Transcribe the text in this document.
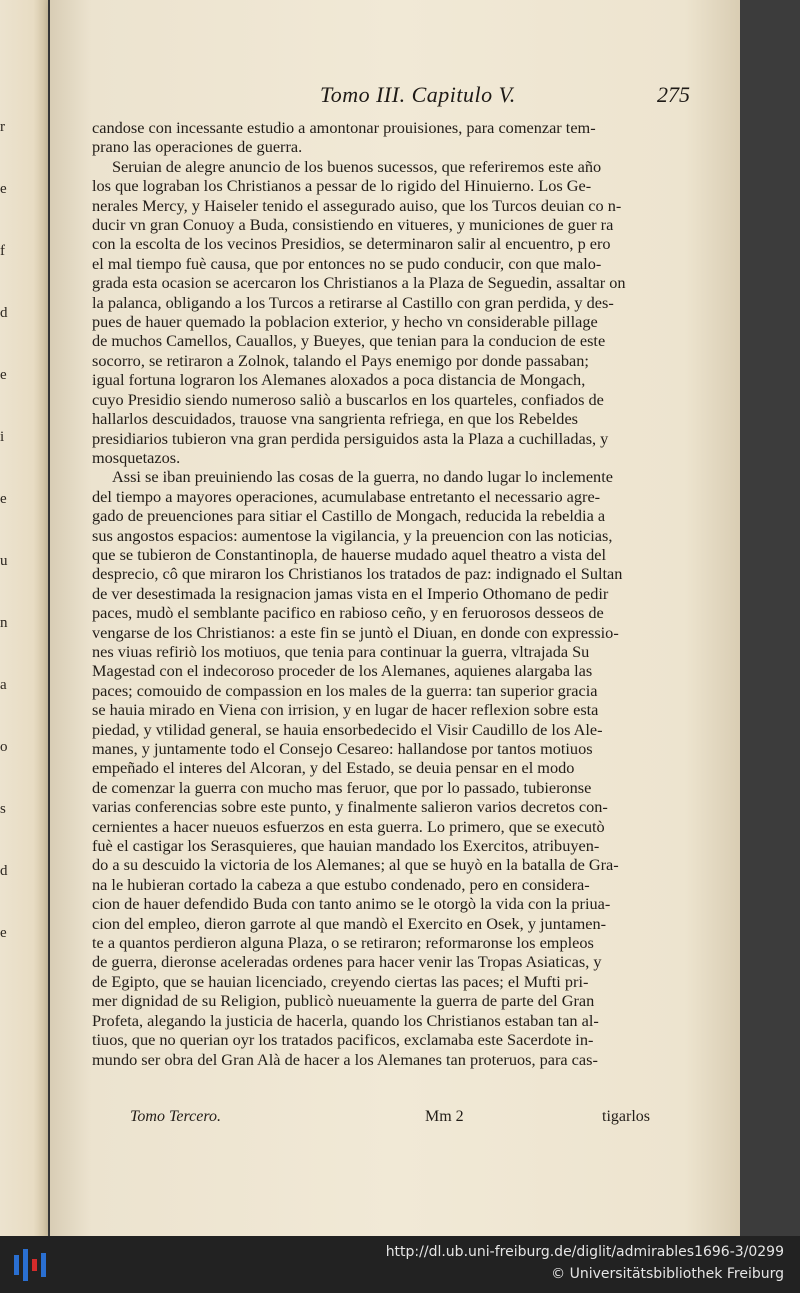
r
e
f
d
e
i
e
u
n
a
o
s
d
e
Tomo III. Capitulo V.	275

candose con incessante estudio a amontonar prouisiones, para comenzar tem-

prano las operaciones de guerra.

Seruian de alegre anuncio de los buenos sucessos, que referiremos este año

los que lograban los Christianos a pessar de lo rigido del Hinuierno. Los Ge-

nerales Mercy, y Haiseler tenido el assegurado auiso, que los Turcos deuian co n-

ducir vn gran Conuoy a Buda, consistiendo en vitueres, y municiones de guer ra

con la escolta de los vecinos Presidios, se determinaron salir al encuentro, p ero

el mal tiempo fuè causa, que por entonces no se pudo conducir, con que malo-

grada esta ocasion se acercaron los Christianos a la Plaza de Seguedin, assaltar on

la palanca, obligando a los Turcos a retirarse al Castillo con gran perdida, y des-

pues de hauer quemado la poblacion exterior, y hecho vn considerable pillage

de muchos Camellos, Cauallos, y Bueyes, que tenian para la conducion de este

socorro, se retiraron a Zolnok, talando el Pays enemigo por donde passaban;

igual fortuna lograron los Alemanes aloxados a poca distancia de Mongach,

cuyo Presidio siendo numeroso saliò a buscarlos en los quarteles, confiados de

hallarlos descuidados, trauose vna sangrienta refriega, en que los Rebeldes

presidiarios tubieron vna gran perdida persiguidos asta la Plaza a cuchilladas, y

mosquetazos.

Assi se iban preuiniendo las cosas de la guerra, no dando lugar lo inclemente

del tiempo a mayores operaciones, acumulabase entretanto el necessario agre-

gado de preuenciones para sitiar el Castillo de Mongach, reducida la rebeldia a

sus angostos espacios: aumentose la vigilancia, y la preuencion con las noticias,

que se tubieron de Constantinopla, de hauerse mudado aquel theatro a vista del

desprecio, cô que miraron los Christianos los tratados de paz: indignado el Sultan

de ver desestimada la resignacion jamas vista en el Imperio Othomano de pedir

paces, mudò el semblante pacifico en rabioso ceño, y en feruorosos desseos de

vengarse de los Christianos: a este fin se juntò el Diuan, en donde con expressio-

nes viuas refiriò los motiuos, que tenia para continuar la guerra, vltrajada Su

Magestad con el indecoroso proceder de los Alemanes, aquienes alargaba las

paces; comouido de compassion en los males de la guerra: tan superior gracia

se hauia mirado en Viena con irrision, y en lugar de hacer reflexion sobre esta

piedad, y vtilidad general, se hauia ensorbedecido el Visir Caudillo de los Ale-

manes, y juntamente todo el Consejo Cesareo: hallandose por tantos motiuos

empeñado el interes del Alcoran, y del Estado, se deuia pensar en el modo

de comenzar la guerra con mucho mas feruor, que por lo passado, tubieronse

varias conferencias sobre este punto, y finalmente salieron varios decretos con-

cernientes a hacer nueuos esfuerzos en esta guerra. Lo primero, que se executò

fuè el castigar los Serasquieres, que hauian mandado los Exercitos, atribuyen-

do a su descuido la victoria de los Alemanes; al que se huyò en la batalla de Gra-

na le hubieran cortado la cabeza a que estubo condenado, pero en considera-

cion de hauer defendido Buda con tanto animo se le otorgò la vida con la priua-

cion del empleo, dieron garrote al que mandò el Exercito en Osek, y juntamen-

te a quantos perdieron alguna Plaza, o se retiraron; reformaronse los empleos

de guerra, dieronse aceleradas ordenes para hacer venir las Tropas Asiaticas, y

de Egipto, que se hauian licenciado, creyendo ciertas las paces; el Mufti pri-

mer dignidad de su Religion, publicò nueuamente la guerra de parte del Gran

Profeta, alegando la justicia de hacerla, quando los Christianos estaban tan al-

tiuos, que no querian oyr los tratados pacificos, exclamaba este Sacerdote in-

mundo ser obra del Gran Alà de hacer a los Alemanes tan proteruos, para cas-

Tomo Tercero.	Mm 2	tigarlos
http://dl.ub.uni-freiburg.de/diglit/admirables1696-3/0299
© Universitätsbibliothek Freiburg
